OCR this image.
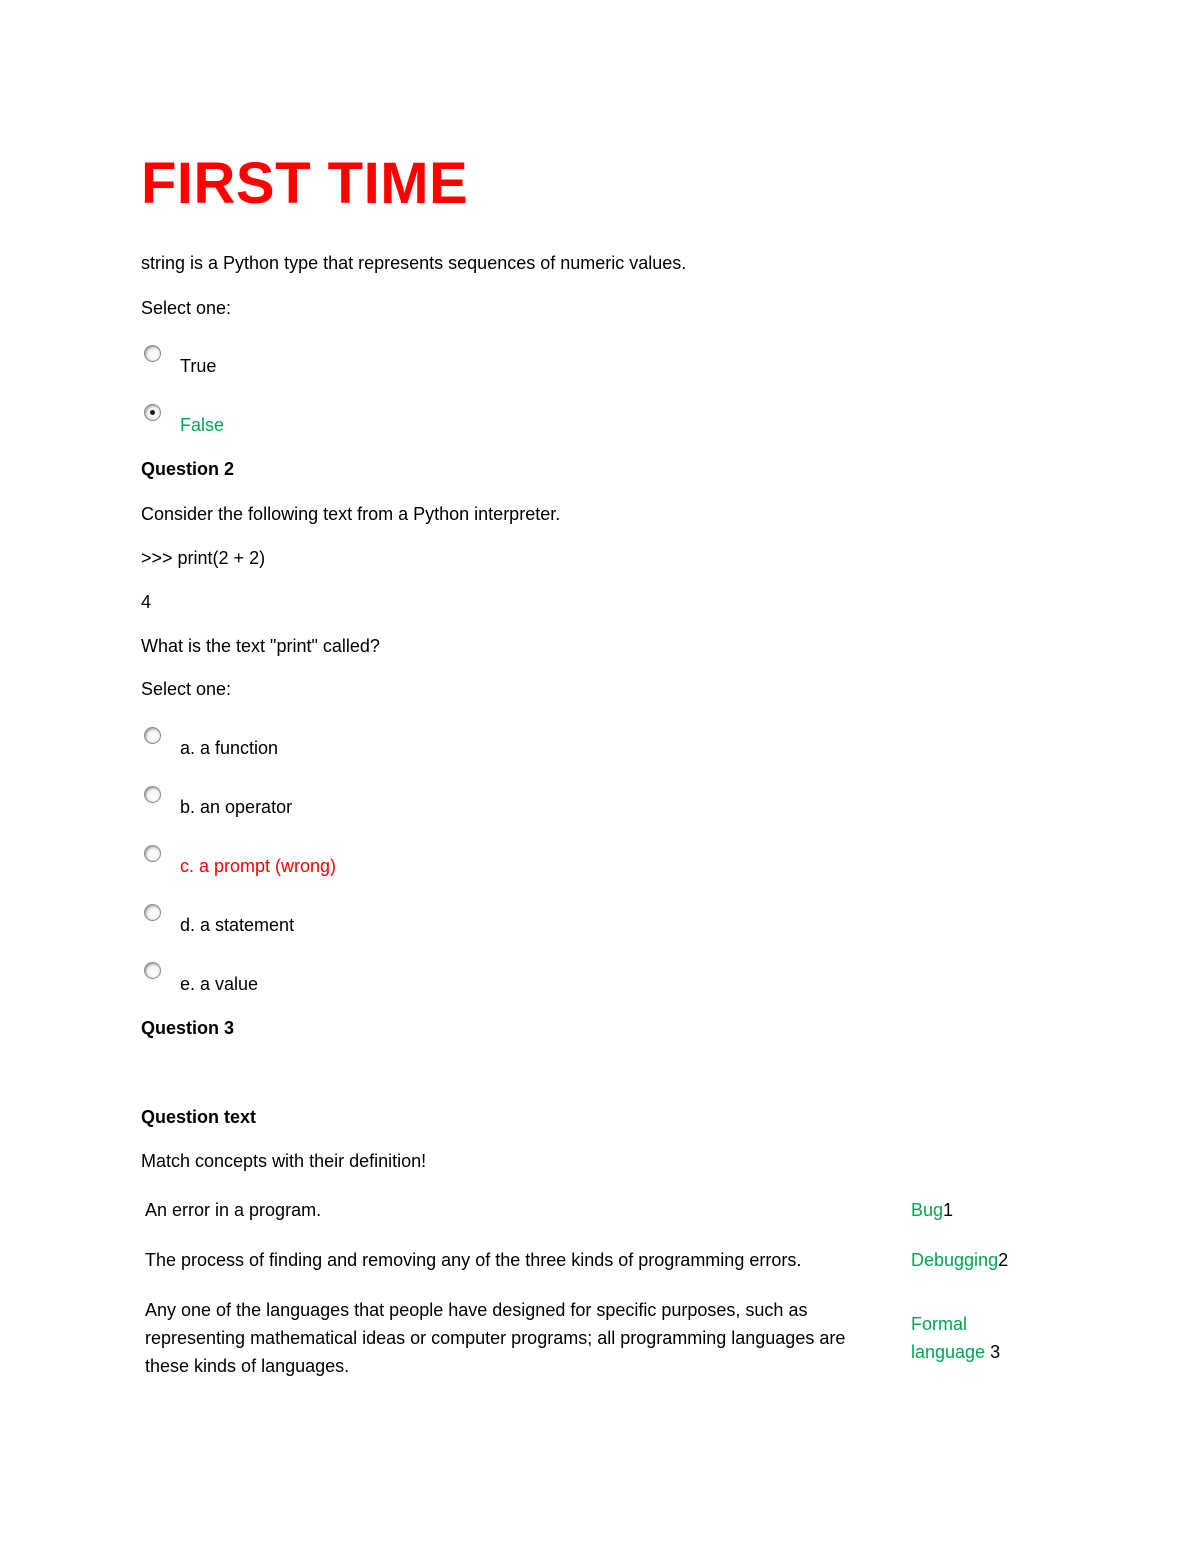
FIRST TIME
string is a Python type that represents sequences of numeric values.
Select one:
True
False
Question 2
Consider the following text from a Python interpreter.
>>> print(2 + 2)
4
What is the text "print" called?
Select one:
a. a function
b. an operator
c. a prompt (wrong)
d. a statement
e. a value
Question 3
Question text
Match concepts with their definition!
An error in a program.	Bug1
The process of finding and removing any of the three kinds of programming errors.	Debugging2
Any one of the languages that people have designed for specific purposes, such as representing mathematical ideas or computer programs; all programming languages are these kinds of languages.
Formal language 3
